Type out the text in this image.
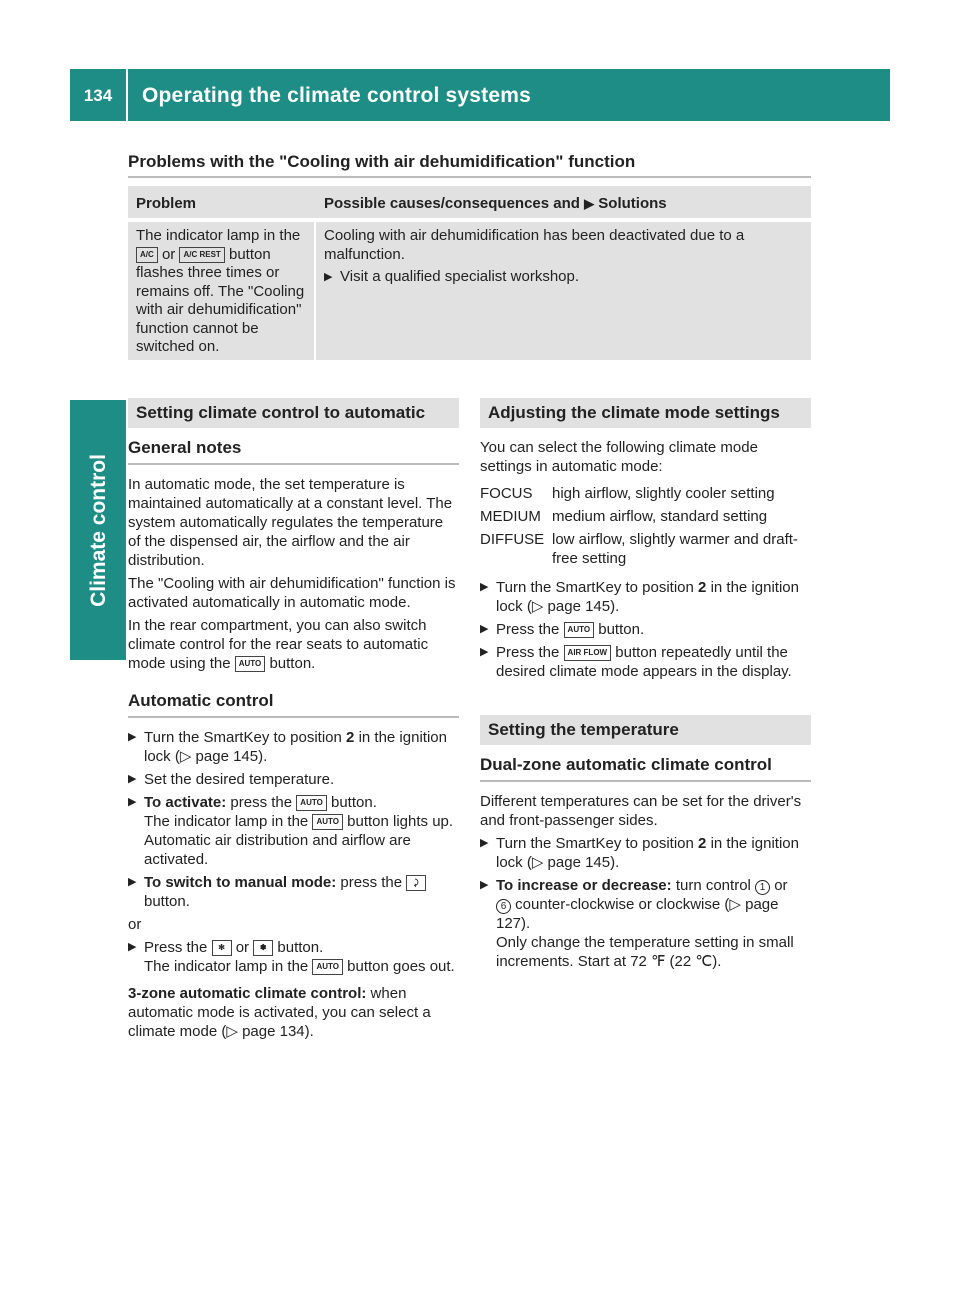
134	Operating the climate control systems
Climate control
Problems with the "Cooling with air dehumidification" function
Problem	Possible causes/consequences and ▶ Solutions
The indicator lamp in the A/C or A/C REST button flashes three times or remains off. The "Cooling with air dehumidification" function cannot be switched on.

Cooling with air dehumidification has been deactivated due to a malfunction.

▶ Visit a qualified specialist workshop.
Setting climate control to automatic
General notes

In automatic mode, the set temperature is maintained automatically at a constant level. The system automatically regulates the temperature of the dispensed air, the airflow and the air distribution.

The "Cooling with air dehumidification" function is activated automatically in automatic mode.

In the rear compartment, you can also switch climate control for the rear seats to automatic mode using the AUTO button.

Automatic control
▶ Turn the SmartKey to position 2 in the ignition lock (▷ page 145).
▶ Set the desired temperature.
▶ To activate: press the AUTO button.
The indicator lamp in the AUTO button lights up. Automatic air distribution and airflow are activated.
▶ To switch to manual mode: press the ⤸ button.

or

▶ Press the ✻ or ✽ button.
The indicator lamp in the AUTO button goes out.

3-zone automatic climate control: when automatic mode is activated, you can select a climate mode (▷ page 134).

Adjusting the climate mode settings

You can select the following climate mode settings in automatic mode:

FOCUS	high airflow, slightly cooler setting
MEDIUM medium airflow, standard setting
DIFFUSE low airflow, slightly warmer and draft-free setting
▶ Turn the SmartKey to position 2 in the ignition lock (▷ page 145).
▶ Press the AUTO button.
▶ Press the AIR FLOW button repeatedly until the desired climate mode appears in the display.
Setting the temperature
Dual-zone automatic climate control

Different temperatures can be set for the driver's and front-passenger sides.

▶ Turn the SmartKey to position 2 in the ignition lock (▷ page 145).
▶ To increase or decrease: turn control 1 or
6 counter-clockwise or clockwise (▷ page 127).
Only change the temperature setting in small increments. Start at 72 ℉ (22 ℃).
